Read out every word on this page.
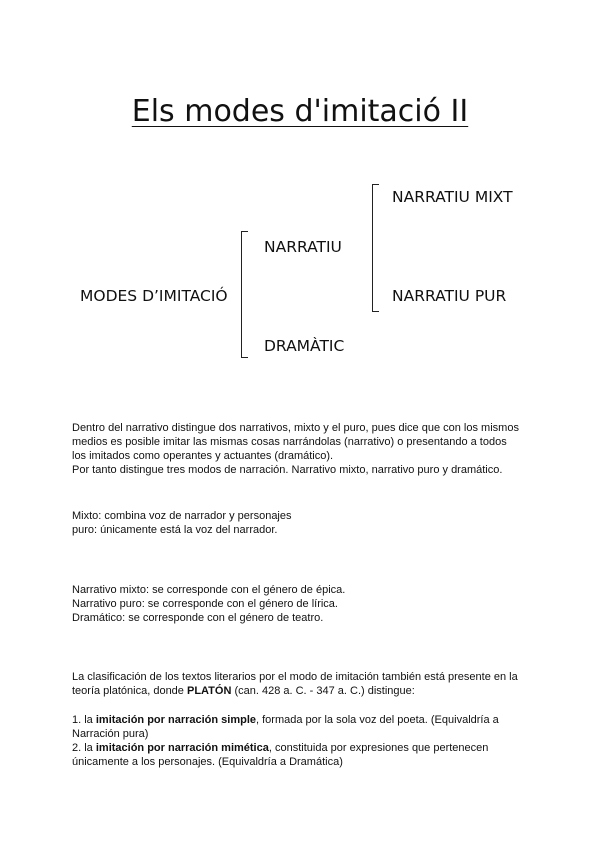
Els modes d'imitació II
MODES D’IMITACIÓ
NARRATIU
DRAMÀTIC
NARRATIU MIXT
NARRATIU PUR

Dentro del narrativo distingue dos narrativos, mixto y el puro, pues dice que con los mismos

medios es posible imitar las mismas cosas narrándolas (narrativo) o presentando a todos

los imitados como operantes y actuantes (dramático).

Por tanto distingue tres modos de narración. Narrativo mixto, narrativo puro y dramático.

Mixto: combina voz de narrador y personajes

puro: únicamente está la voz del narrador.

Narrativo mixto: se corresponde con el género de épica.

Narrativo puro: se corresponde con el género de lírica.

Dramático: se corresponde con el género de teatro.

La clasificación de los textos literarios por el modo de imitación también está presente en la

teoría platónica, donde PLATÓN (can. 428 a. C. - 347 a. C.) distingue:

1. la imitación por narración simple, formada por la sola voz del poeta. (Equivaldría a

Narración pura)

2. la imitación por narración mimética, constituida por expresiones que pertenecen

únicamente a los personajes. (Equivaldría a Dramática)
